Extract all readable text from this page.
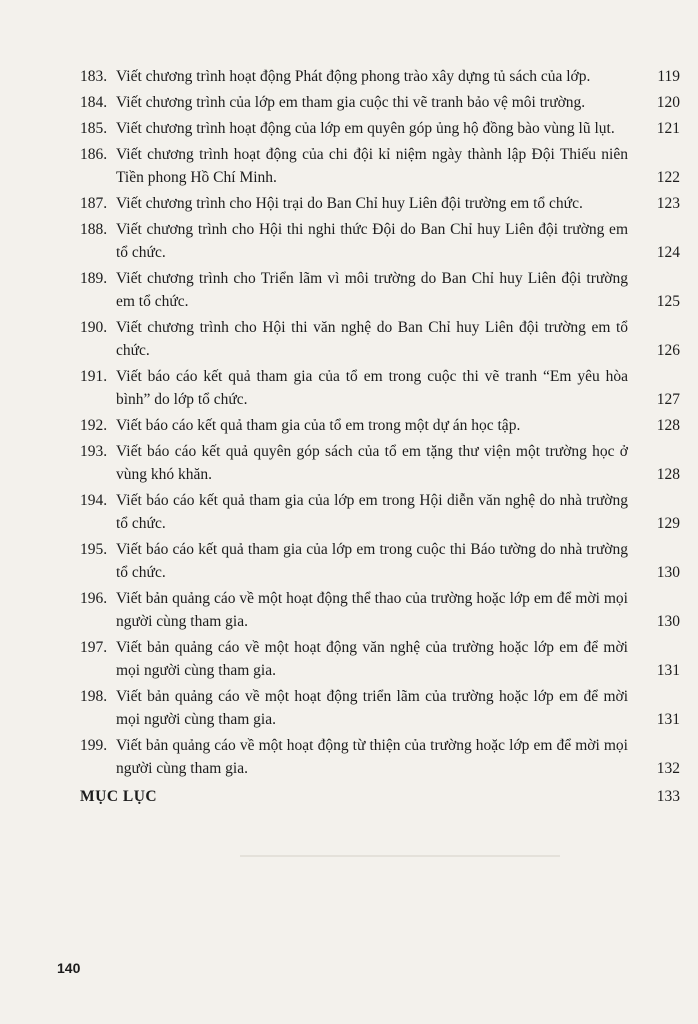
183. Viết chương trình hoạt động Phát động phong trào xây dựng tủ sách của lớp.	119
184. Viết chương trình của lớp em tham gia cuộc thi vẽ tranh bảo vệ môi trường.	120
185. Viết chương trình hoạt động của lớp em quyên góp ủng hộ đồng bào vùng lũ lụt.	121
186. Viết chương trình hoạt động của chi đội kỉ niệm ngày thành lập Đội Thiếu niên Tiền phong Hồ Chí Minh.	122
187. Viết chương trình cho Hội trại do Ban Chỉ huy Liên đội trường em tổ chức.	123
188. Viết chương trình cho Hội thi nghi thức Đội do Ban Chỉ huy Liên đội trường em tổ chức.	124
189. Viết chương trình cho Triển lãm vì môi trường do Ban Chỉ huy Liên đội trường em tổ chức.	125
190. Viết chương trình cho Hội thi văn nghệ do Ban Chỉ huy Liên đội trường em tổ chức.	126
191. Viết báo cáo kết quả tham gia của tổ em trong cuộc thi vẽ tranh “Em yêu hòa bình” do lớp tổ chức.	127
192. Viết báo cáo kết quả tham gia của tổ em trong một dự án học tập.	128
193. Viết báo cáo kết quả quyên góp sách của tổ em tặng thư viện một trường học ở vùng khó khăn.	128
194. Viết báo cáo kết quả tham gia của lớp em trong Hội diễn văn nghệ do nhà trường tổ chức.	129
195. Viết báo cáo kết quả tham gia của lớp em trong cuộc thi Báo tường do nhà trường tổ chức.	130
196. Viết bản quảng cáo về một hoạt động thể thao của trường hoặc lớp em để mời mọi người cùng tham gia.	130
197. Viết bản quảng cáo về một hoạt động văn nghệ của trường hoặc lớp em để mời mọi người cùng tham gia.	131
198. Viết bản quảng cáo về một hoạt động triển lãm của trường hoặc lớp em để mời mọi người cùng tham gia.	131
199. Viết bản quảng cáo về một hoạt động từ thiện của trường hoặc lớp em để mời mọi người cùng tham gia.	132
MỤC LỤC	133
140
